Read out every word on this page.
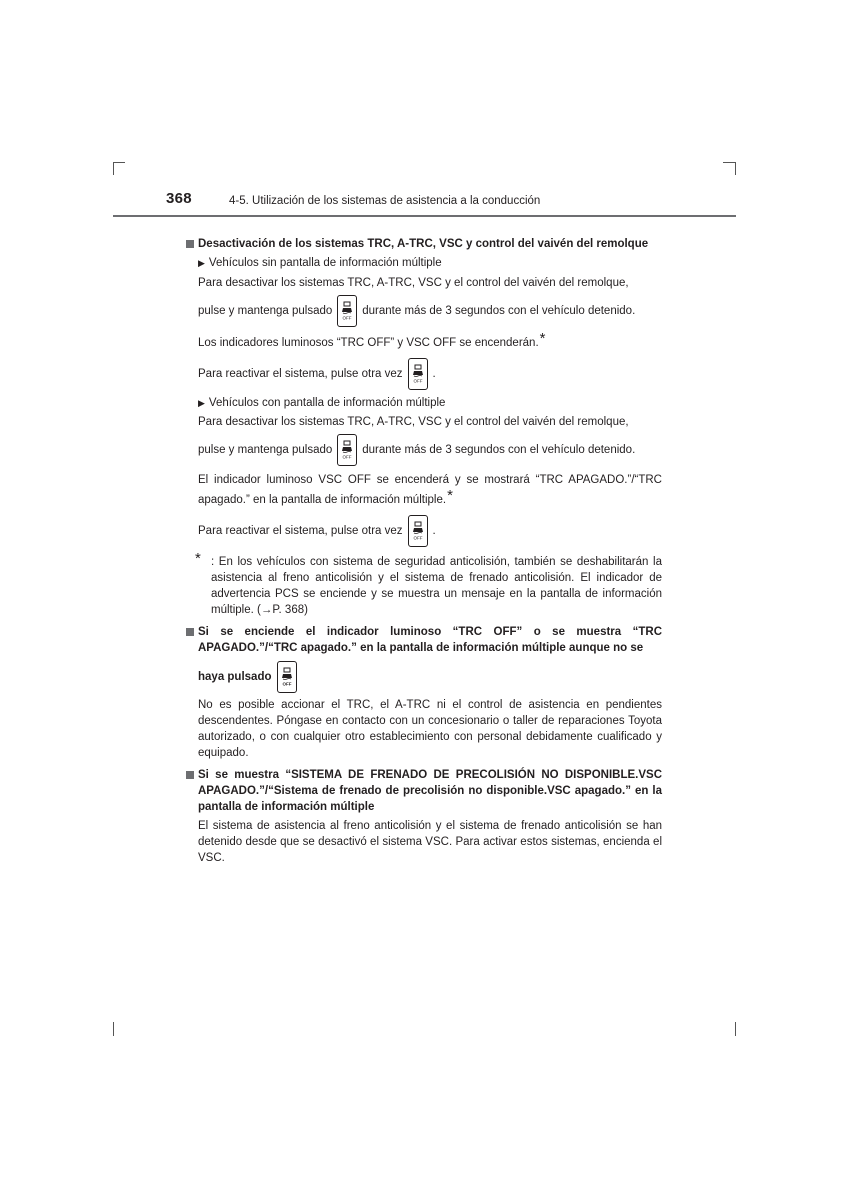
368	4-5. Utilización de los sistemas de asistencia a la conducción
Desactivación de los sistemas TRC, A-TRC, VSC y control del vaivén del remolque
▶ Vehículos sin pantalla de información múltiple

Para desactivar los sistemas TRC, A-TRC, VSC y el control del vaivén del remolque,

pulse y mantenga pulsado
OFF
durante más de 3 segundos con el vehículo detenido.

Los indicadores luminosos “TRC OFF” y VSC OFF se encenderán.*

Para reactivar el sistema, pulse otra vez
OFF
.
▶ Vehículos con pantalla de información múltiple

Para desactivar los sistemas TRC, A-TRC, VSC y el control del vaivén del remolque,

pulse y mantenga pulsado
OFF
durante más de 3 segundos con el vehículo detenido.

El indicador luminoso VSC OFF se encenderá y se mostrará “TRC APAGADO.”/“TRC apagado.” en la pantalla de información múltiple.*

Para reactivar el sistema, pulse otra vez
OFF
.
* : En los vehículos con sistema de seguridad anticolisión, también se deshabilitarán la asistencia al freno anticolisión y el sistema de frenado anticolisión. El indicador de advertencia PCS se enciende y se muestra un mensaje en la pantalla de información múltiple. (→P. 368)
Si se enciende el indicador luminoso “TRC OFF” o se muestra “TRC APAGADO.”/“TRC apagado.” en la pantalla de información múltiple aunque no se
haya pulsado
OFF

No es posible accionar el TRC, el A-TRC ni el control de asistencia en pendientes descendentes. Póngase en contacto con un concesionario o taller de reparaciones Toyota autorizado, o con cualquier otro establecimiento con personal debidamente cualificado y equipado.

Si se muestra “SISTEMA DE FRENADO DE PRECOLISIÓN NO DISPONIBLE.VSC APAGADO.”/“Sistema de frenado de precolisión no disponible.VSC apagado.” en la pantalla de información múltiple

El sistema de asistencia al freno anticolisión y el sistema de frenado anticolisión se han detenido desde que se desactivó el sistema VSC. Para activar estos sistemas, encienda el VSC.
